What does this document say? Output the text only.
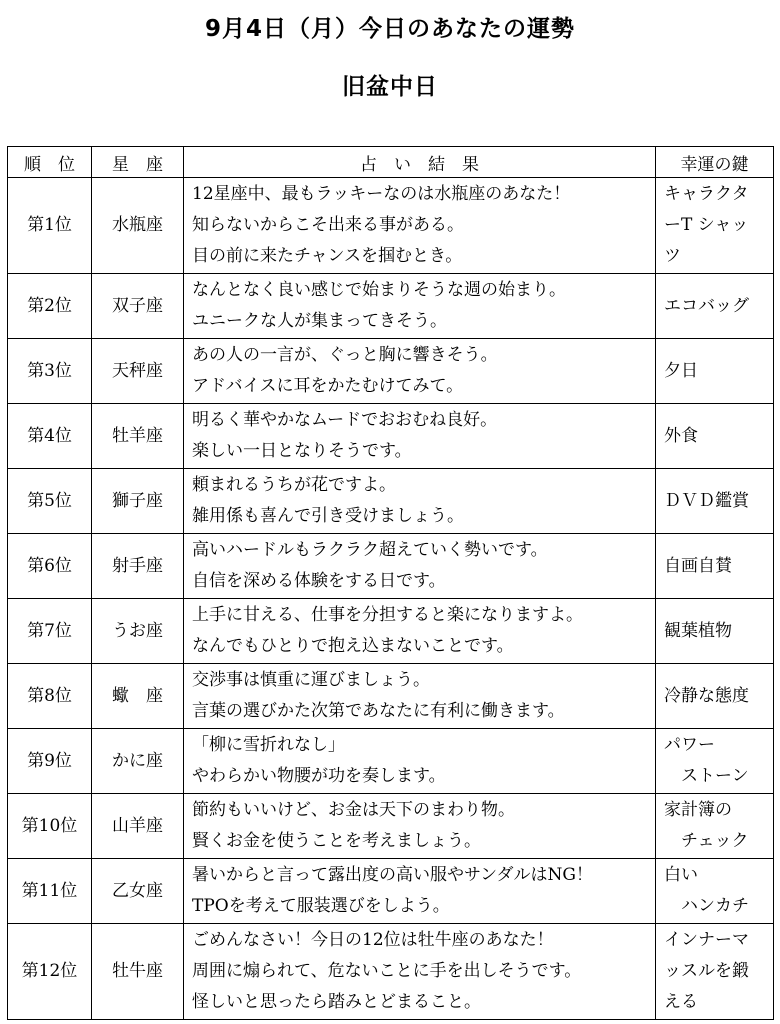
9月4日（月）今日のあなたの運勢
旧盆中日
順　位	星　座	占　い　結　果	幸運の鍵
第1位	水瓶座	12星座中、最もラッキーなのは水瓶座のあなた！
知らないからこそ出来る事がある。
目の前に来たチャンスを掴むとき。	キャラクタ
ーT シャッ
ツ

第2位	双子座	なんとなく良い感じで始まりそうな週の始まり。
ユニークな人が集まってきそう。	エコバッグ

第3位	天秤座	あの人の一言が、ぐっと胸に響きそう。
アドバイスに耳をかたむけてみて。	夕日

第4位	牡羊座	明るく華やかなムードでおおむね良好。
楽しい一日となりそうです。	外食

第5位	獅子座	頼まれるうちが花ですよ。
雑用係も喜んで引き受けましょう。	ＤＶＤ鑑賞

第6位	射手座	高いハードルもラクラク超えていく勢いです。
自信を深める体験をする日です。	自画自賛

第7位	うお座	上手に甘える、仕事を分担すると楽になりますよ。
なんでもひとりで抱え込まないことです。	観葉植物

第8位	蠍　座	交渉事は慎重に運びましょう。
言葉の選びかた次第であなたに有利に働きます。	冷静な態度

第9位	かに座	「柳に雪折れなし」
やわらかい物腰が功を奏します。	パワー
　ストーン

第10位	山羊座	節約もいいけど、お金は天下のまわり物。
賢くお金を使うことを考えましょう。	家計簿の
　チェック

第11位	乙女座	暑いからと言って露出度の高い服やサンダルはNG！
TPOを考えて服装選びをしよう。	白い
　ハンカチ

第12位	牡牛座	ごめんなさい！今日の12位は牡牛座のあなた！
周囲に煽られて、危ないことに手を出しそうです。
怪しいと思ったら踏みとどまること。	インナーマ
ッスルを鍛
える
